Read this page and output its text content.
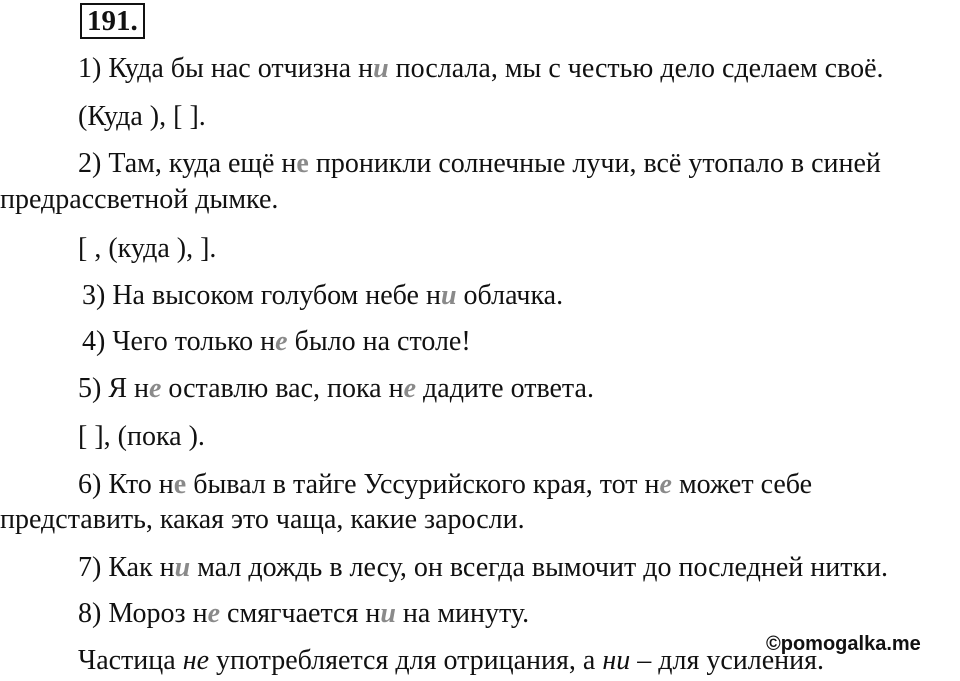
191.
1) Куда бы нас отчизна ни послала, мы с честью дело сделаем своё.
(Куда ), [ ].
2) Там, куда ещё не проникли солнечные лучи, всё утопало в синей
предрассветной дымке.
[ , (куда ), ].
3) На высоком голубом небе ни облачка.
4) Чего только не было на столе!
5) Я не оставлю вас, пока не дадите ответа.
[ ], (пока ).
6) Кто не бывал в тайге Уссурийского края, тот не может себе
представить, какая это чаща, какие заросли.
7) Как ни мал дождь в лесу, он всегда вымочит до последней нитки.
8) Мороз не смягчается ни на минуту.
©pomogalka.me
Частица не употребляется для отрицания, а ни – для усиления.
